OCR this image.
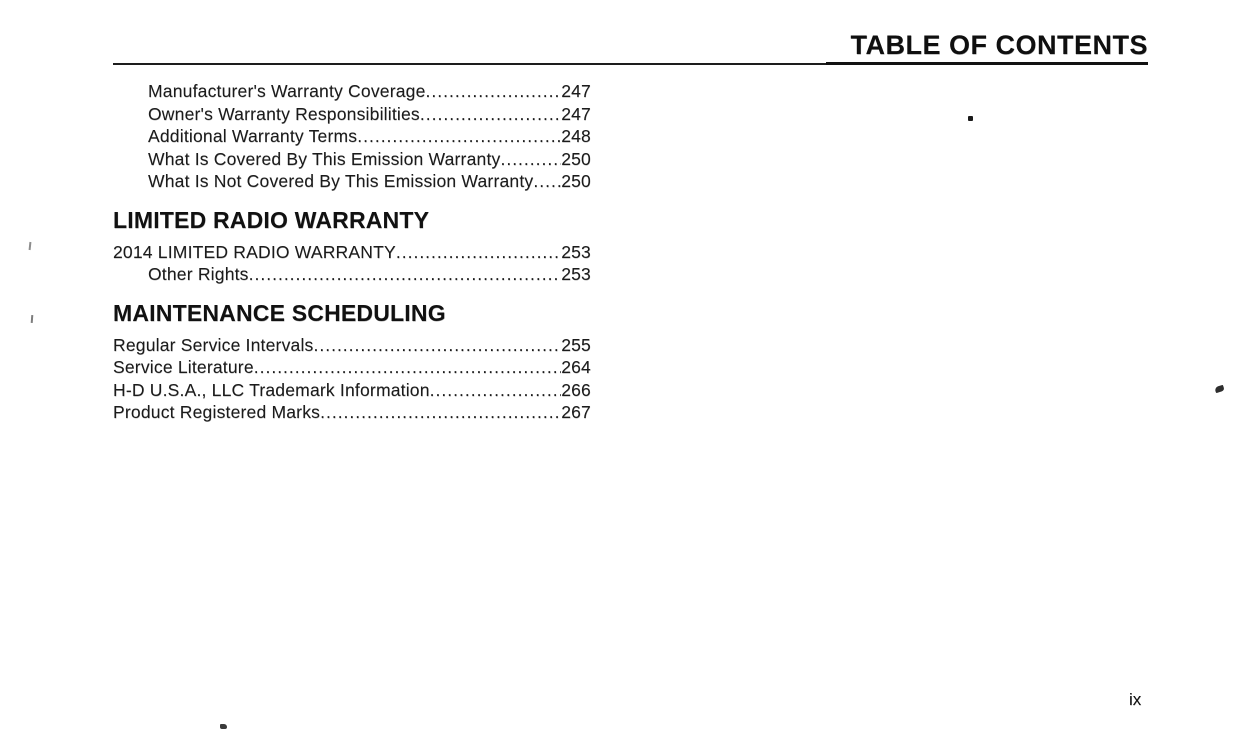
TABLE OF CONTENTS
Manufacturer's Warranty Coverage .....	247
Owner's Warranty Responsibilities .....	247
Additional Warranty Terms .....	248
What Is Covered By This Emission Warranty .....	250
What Is Not Covered By This Emission Warranty ..... 250
LIMITED RADIO WARRANTY
2014 LIMITED RADIO WARRANTY .....	253
Other Rights .....	253
MAINTENANCE SCHEDULING
Regular Service Intervals .....	255
Service Literature .....	264
H-D U.S.A., LLC Trademark Information .....	266
Product Registered Marks .....	267
ix
